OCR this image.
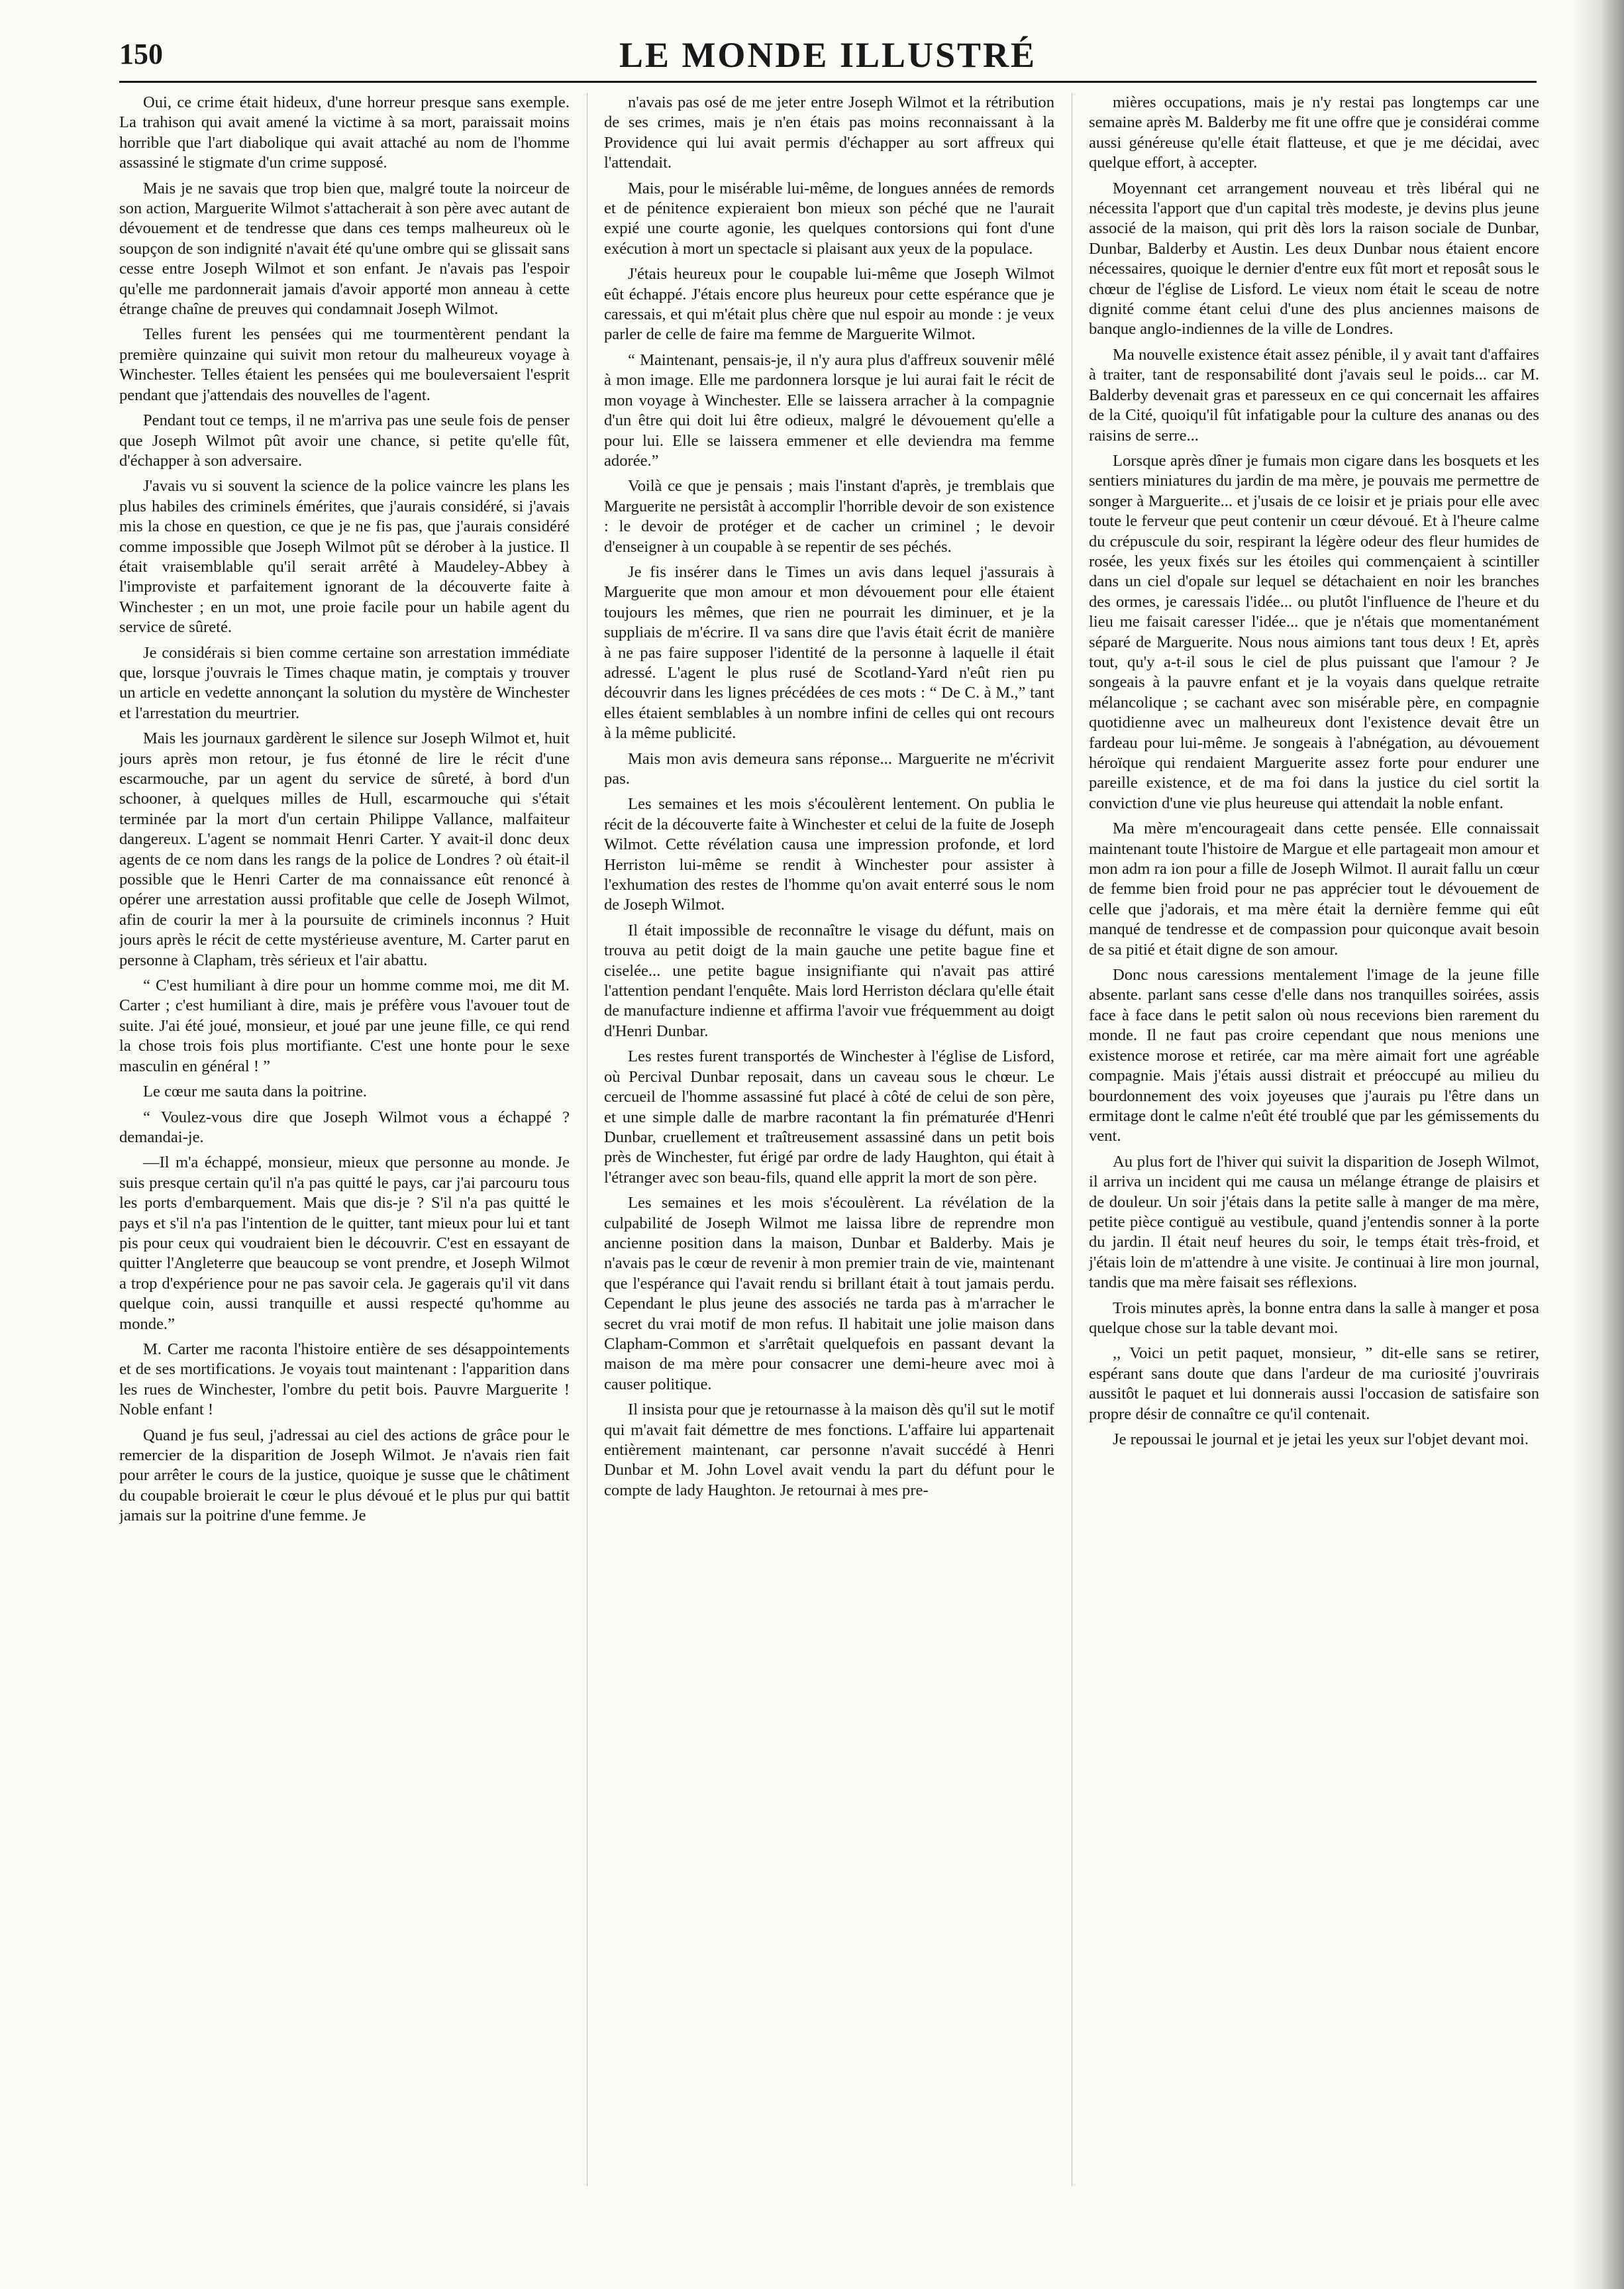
150	LE MONDE ILLUSTRÉ

Oui, ce crime était hideux, d'une horreur presque sans exemple. La trahison qui avait amené la victime à sa mort, paraissait moins horrible que l'art diabolique qui avait attaché au nom de l'homme assassiné le stigmate d'un crime supposé.

Mais je ne savais que trop bien que, malgré toute la noirceur de son action, Marguerite Wilmot s'attacherait à son père avec autant de dévouement et de tendresse que dans ces temps malheureux où le soupçon de son indignité n'avait été qu'une ombre qui se glissait sans cesse entre Joseph Wilmot et son enfant. Je n'avais pas l'espoir qu'elle me pardonnerait jamais d'avoir apporté mon anneau à cette étrange chaîne de preuves qui condamnait Joseph Wilmot.

Telles furent les pensées qui me tourmentèrent pendant la première quinzaine qui suivit mon retour du malheureux voyage à Winchester. Telles étaient les pensées qui me bouleversaient l'esprit pendant que j'attendais des nouvelles de l'agent.

Pendant tout ce temps, il ne m'arriva pas une seule fois de penser que Joseph Wilmot pût avoir une chance, si petite qu'elle fût, d'échapper à son adversaire.

J'avais vu si souvent la science de la police vaincre les plans les plus habiles des criminels émérites, que j'aurais considéré, si j'avais mis la chose en question, ce que je ne fis pas, que j'aurais considéré comme impossible que Joseph Wilmot pût se dérober à la justice. Il était vraisemblable qu'il serait arrêté à Maudeley-Abbey à l'improviste et parfaitement ignorant de la découverte faite à Winchester ; en un mot, une proie facile pour un habile agent du service de sûreté.

Je considérais si bien comme certaine son arrestation immédiate que, lorsque j'ouvrais le Times chaque matin, je comptais y trouver un article en vedette annonçant la solution du mystère de Winchester et l'arrestation du meurtrier.

Mais les journaux gardèrent le silence sur Joseph Wilmot et, huit jours après mon retour, je fus étonné de lire le récit d'une escarmouche, par un agent du service de sûreté, à bord d'un schooner, à quelques milles de Hull, escarmouche qui s'était terminée par la mort d'un certain Philippe Vallance, malfaiteur dangereux. L'agent se nommait Henri Carter. Y avait-il donc deux agents de ce nom dans les rangs de la police de Londres ? où était-il possible que le Henri Carter de ma connaissance eût renoncé à opérer une arrestation aussi profitable que celle de Joseph Wilmot, afin de courir la mer à la poursuite de criminels inconnus ? Huit jours après le récit de cette mystérieuse aventure, M. Carter parut en personne à Clapham, très sérieux et l'air abattu.

“ C'est humiliant à dire pour un homme comme moi, me dit M. Carter ; c'est humiliant à dire, mais je préfère vous l'avouer tout de suite. J'ai été joué, monsieur, et joué par une jeune fille, ce qui rend la chose trois fois plus mortifiante. C'est une honte pour le sexe masculin en général ! ”

Le cœur me sauta dans la poitrine.

“ Voulez-vous dire que Joseph Wilmot vous a échappé ? demandai-je.

—Il m'a échappé, monsieur, mieux que personne au monde. Je suis presque certain qu'il n'a pas quitté le pays, car j'ai parcouru tous les ports d'embarquement. Mais que dis-je ? S'il n'a pas quitté le pays et s'il n'a pas l'intention de le quitter, tant mieux pour lui et tant pis pour ceux qui voudraient bien le découvrir. C'est en essayant de quitter l'Angleterre que beaucoup se vont prendre, et Joseph Wilmot a trop d'expérience pour ne pas savoir cela. Je gagerais qu'il vit dans quelque coin, aussi tranquille et aussi respecté qu'homme au monde.”

M. Carter me raconta l'histoire entière de ses désappointements et de ses mortifications. Je voyais tout maintenant : l'apparition dans les rues de Winchester, l'ombre du petit bois. Pauvre Marguerite ! Noble enfant !

Quand je fus seul, j'adressai au ciel des actions de grâce pour le remercier de la disparition de Joseph Wilmot. Je n'avais rien fait pour arrêter le cours de la justice, quoique je susse que le châtiment du coupable broierait le cœur le plus dévoué et le plus pur qui battit jamais sur la poitrine d'une femme. Je

n'avais pas osé de me jeter entre Joseph Wilmot et la rétribution de ses crimes, mais je n'en étais pas moins reconnaissant à la Providence qui lui avait permis d'échapper au sort affreux qui l'attendait.

Mais, pour le misérable lui-même, de longues années de remords et de pénitence expieraient bon mieux son péché que ne l'aurait expié une courte agonie, les quelques contorsions qui font d'une exécution à mort un spectacle si plaisant aux yeux de la populace.

J'étais heureux pour le coupable lui-même que Joseph Wilmot eût échappé. J'étais encore plus heureux pour cette espérance que je caressais, et qui m'était plus chère que nul espoir au monde : je veux parler de celle de faire ma femme de Marguerite Wilmot.

“ Maintenant, pensais-je, il n'y aura plus d'affreux souvenir mêlé à mon image. Elle me pardonnera lorsque je lui aurai fait le récit de mon voyage à Winchester. Elle se laissera arracher à la compagnie d'un être qui doit lui être odieux, malgré le dévouement qu'elle a pour lui. Elle se laissera emmener et elle deviendra ma femme adorée.”

Voilà ce que je pensais ; mais l'instant d'après, je tremblais que Marguerite ne persistât à accomplir l'horrible devoir de son existence : le devoir de protéger et de cacher un criminel ; le devoir d'enseigner à un coupable à se repentir de ses péchés.

Je fis insérer dans le Times un avis dans lequel j'assurais à Marguerite que mon amour et mon dévouement pour elle étaient toujours les mêmes, que rien ne pourrait les diminuer, et je la suppliais de m'écrire. Il va sans dire que l'avis était écrit de manière à ne pas faire supposer l'identité de la personne à laquelle il était adressé. L'agent le plus rusé de Scotland-Yard n'eût rien pu découvrir dans les lignes précédées de ces mots : “ De C. à M.,” tant elles étaient semblables à un nombre infini de celles qui ont recours à la même publicité.

Mais mon avis demeura sans réponse... Marguerite ne m'écrivit pas.

Les semaines et les mois s'écoulèrent lentement. On publia le récit de la découverte faite à Winchester et celui de la fuite de Joseph Wilmot. Cette révélation causa une impression profonde, et lord Herriston lui-même se rendit à Winchester pour assister à l'exhumation des restes de l'homme qu'on avait enterré sous le nom de Joseph Wilmot.

Il était impossible de reconnaître le visage du défunt, mais on trouva au petit doigt de la main gauche une petite bague fine et ciselée... une petite bague insignifiante qui n'avait pas attiré l'attention pendant l'enquête. Mais lord Herriston déclara qu'elle était de manufacture indienne et affirma l'avoir vue fréquemment au doigt d'Henri Dunbar.

Les restes furent transportés de Winchester à l'église de Lisford, où Percival Dunbar reposait, dans un caveau sous le chœur. Le cercueil de l'homme assassiné fut placé à côté de celui de son père, et une simple dalle de marbre racontant la fin prématurée d'Henri Dunbar, cruellement et traîtreusement assassiné dans un petit bois près de Winchester, fut érigé par ordre de lady Haughton, qui était à l'étranger avec son beau-fils, quand elle apprit la mort de son père.

Les semaines et les mois s'écoulèrent. La révélation de la culpabilité de Joseph Wilmot me laissa libre de reprendre mon ancienne position dans la maison, Dunbar et Balderby. Mais je n'avais pas le cœur de revenir à mon premier train de vie, maintenant que l'espérance qui l'avait rendu si brillant était à tout jamais perdu. Cependant le plus jeune des associés ne tarda pas à m'arracher le secret du vrai motif de mon refus. Il habitait une jolie maison dans Clapham-Common et s'arrêtait quelquefois en passant devant la maison de ma mère pour consacrer une demi-heure avec moi à causer politique.

Il insista pour que je retournasse à la maison dès qu'il sut le motif qui m'avait fait démettre de mes fonctions. L'affaire lui appartenait entièrement maintenant, car personne n'avait succédé à Henri Dunbar et M. John Lovel avait vendu la part du défunt pour le compte de lady Haughton. Je retournai à mes pre-

mières occupations, mais je n'y restai pas longtemps car une semaine après M. Balderby me fit une offre que je considérai comme aussi généreuse qu'elle était flatteuse, et que je me décidai, avec quelque effort, à accepter.

Moyennant cet arrangement nouveau et très libéral qui ne nécessita l'apport que d'un capital très modeste, je devins plus jeune associé de la maison, qui prit dès lors la raison sociale de Dunbar, Dunbar, Balderby et Austin. Les deux Dunbar nous étaient encore nécessaires, quoique le dernier d'entre eux fût mort et reposât sous le chœur de l'église de Lisford. Le vieux nom était le sceau de notre dignité comme étant celui d'une des plus anciennes maisons de banque anglo-indiennes de la ville de Londres.

Ma nouvelle existence était assez pénible, il y avait tant d'affaires à traiter, tant de responsabilité dont j'avais seul le poids... car M. Balderby devenait gras et paresseux en ce qui concernait les affaires de la Cité, quoiqu'il fût infatigable pour la culture des ananas ou des raisins de serre...

Lorsque après dîner je fumais mon cigare dans les bosquets et les sentiers miniatures du jardin de ma mère, je pouvais me permettre de songer à Marguerite... et j'usais de ce loisir et je priais pour elle avec toute le ferveur que peut contenir un cœur dévoué. Et à l'heure calme du crépuscule du soir, respirant la légère odeur des fleur humides de rosée, les yeux fixés sur les étoiles qui commençaient à scintiller dans un ciel d'opale sur lequel se détachaient en noir les branches des ormes, je caressais l'idée... ou plutôt l'influence de l'heure et du lieu me faisait caresser l'idée... que je n'étais que momentanément séparé de Marguerite. Nous nous aimions tant tous deux ! Et, après tout, qu'y a-t-il sous le ciel de plus puissant que l'amour ? Je songeais à la pauvre enfant et je la voyais dans quelque retraite mélancolique ; se cachant avec son misérable père, en compagnie quotidienne avec un malheureux dont l'existence devait être un fardeau pour lui-même. Je songeais à l'abnégation, au dévouement héroïque qui rendaient Marguerite assez forte pour endurer une pareille existence, et de ma foi dans la justice du ciel sortit la conviction d'une vie plus heureuse qui attendait la noble enfant.

Ma mère m'encourageait dans cette pensée. Elle connaissait maintenant toute l'histoire de Margue et elle partageait mon amour et mon adm ra ion pour a fille de Joseph Wilmot. Il aurait fallu un cœur de femme bien froid pour ne pas apprécier tout le dévouement de celle que j'adorais, et ma mère était la dernière femme qui eût manqué de tendresse et de compassion pour quiconque avait besoin de sa pitié et était digne de son amour.

Donc nous caressions mentalement l'image de la jeune fille absente. parlant sans cesse d'elle dans nos tranquilles soirées, assis face à face dans le petit salon où nous recevions bien rarement du monde. Il ne faut pas croire cependant que nous menions une existence morose et retirée, car ma mère aimait fort une agréable compagnie. Mais j'étais aussi distrait et préoccupé au milieu du bourdonnement des voix joyeuses que j'aurais pu l'être dans un ermitage dont le calme n'eût été troublé que par les gémissements du vent.

Au plus fort de l'hiver qui suivit la disparition de Joseph Wilmot, il arriva un incident qui me causa un mélange étrange de plaisirs et de douleur. Un soir j'étais dans la petite salle à manger de ma mère, petite pièce contiguë au vestibule, quand j'entendis sonner à la porte du jardin. Il était neuf heures du soir, le temps était très-froid, et j'étais loin de m'attendre à une visite. Je continuai à lire mon journal, tandis que ma mère faisait ses réflexions.

Trois minutes après, la bonne entra dans la salle à manger et posa quelque chose sur la table devant moi.

,, Voici un petit paquet, monsieur, ” dit-elle sans se retirer, espérant sans doute que dans l'ardeur de ma curiosité j'ouvrirais aussitôt le paquet et lui donnerais aussi l'occasion de satisfaire son propre désir de connaître ce qu'il contenait.

Je repoussai le journal et je jetai les yeux sur l'objet devant moi.
